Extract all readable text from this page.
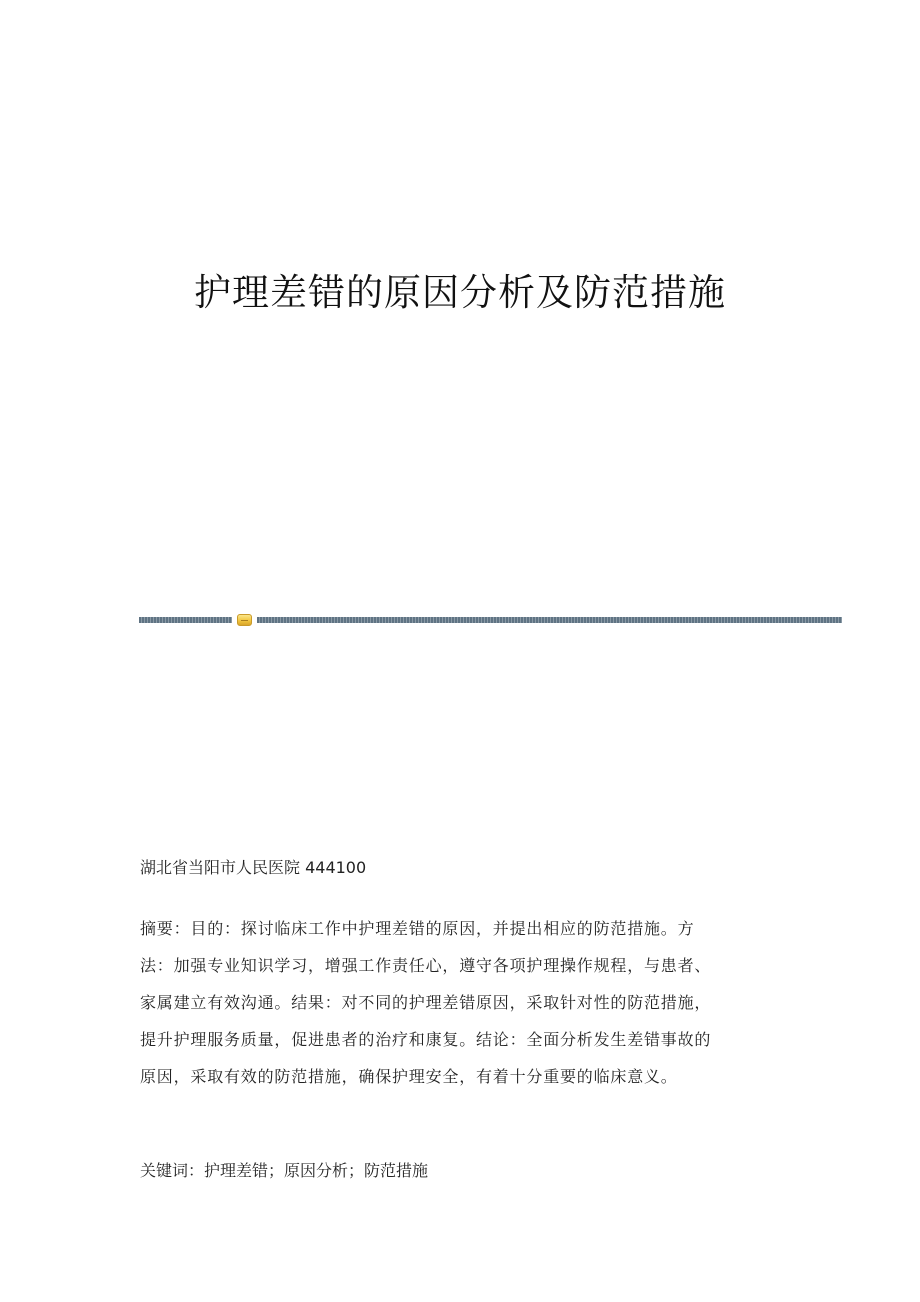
护理差错的原因分析及防范措施

湖北省当阳市人民医院 444100

摘要：目的：探讨临床工作中护理差错的原因，并提出相应的防范措施。方
法：加强专业知识学习，增强工作责任心，遵守各项护理操作规程，与患者、
家属建立有效沟通。结果：对不同的护理差错原因，采取针对性的防范措施，
提升护理服务质量，促进患者的治疗和康复。结论：全面分析发生差错事故的
原因，采取有效的防范措施，确保护理安全，有着十分重要的临床意义。

关键词：护理差错；原因分析；防范措施
